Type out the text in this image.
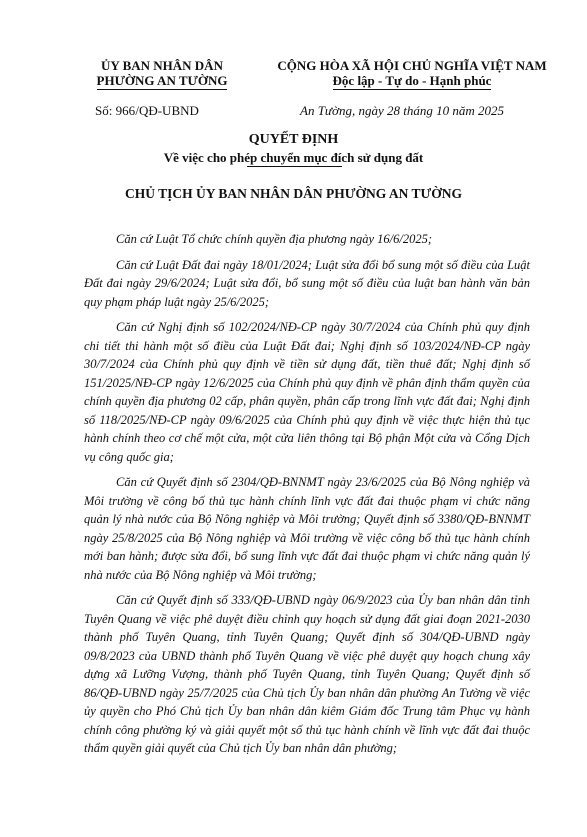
ỦY BAN NHÂN DÂN
PHƯỜNG AN TƯỜNG
CỘNG HÒA XÃ HỘI CHỦ NGHĨA VIỆT NAM
Độc lập - Tự do - Hạnh phúc
Số: 966 /QĐ-UBND	An Tường, ngày 28 tháng 10 năm 2025
QUYẾT ĐỊNH
Về việc cho phép chuyển mục đích sử dụng đất
CHỦ TỊCH ỦY BAN NHÂN DÂN PHƯỜNG AN TƯỜNG

Căn cứ Luật Tổ chức chính quyền địa phương ngày 16/6/2025;

Căn cứ Luật Đất đai ngày 18/01/2024; Luật sửa đổi bổ sung một số điều của Luật Đất đai ngày 29/6/2024; Luật sửa đổi, bổ sung một số điều của luật ban hành văn bản quy phạm pháp luật ngày 25/6/2025;

Căn cứ Nghị định số 102/2024/NĐ-CP ngày 30/7/2024 của Chính phủ quy định chi tiết thi hành một số điều của Luật Đất đai; Nghị định số 103/2024/NĐ-CP ngày 30/7/2024 của Chính phủ quy định về tiền sử dụng đất, tiền thuê đất; Nghị định số 151/2025/NĐ-CP ngày 12/6/2025 của Chính phủ quy định về phân định thẩm quyền của chính quyền địa phương 02 cấp, phân quyền, phân cấp trong lĩnh vực đất đai; Nghị định số 118/2025/NĐ-CP ngày 09/6/2025 của Chính phủ quy định về việc thực hiện thủ tục hành chính theo cơ chế một cửa, một cửa liên thông tại Bộ phận Một cửa và Cổng Dịch vụ công quốc gia;

Căn cứ Quyết định số 2304/QĐ-BNNMT ngày 23/6/2025 của Bộ Nông nghiệp và Môi trường về công bố thủ tục hành chính lĩnh vực đất đai thuộc phạm vi chức năng quản lý nhà nước của Bộ Nông nghiệp và Môi trường; Quyết định số 3380/QĐ-BNNMT ngày 25/8/2025 của Bộ Nông nghiệp và Môi trường về việc công bố thủ tục hành chính mới ban hành; được sửa đổi, bổ sung lĩnh vực đất đai thuộc phạm vi chức năng quản lý nhà nước của Bộ Nông nghiệp và Môi trường;

Căn cứ Quyết định số 333/QĐ-UBND ngày 06/9/2023 của Ủy ban nhân dân tỉnh Tuyên Quang về việc phê duyệt điều chỉnh quy hoạch sử dụng đất giai đoạn 2021-2030 thành phố Tuyên Quang, tỉnh Tuyên Quang; Quyết định số 304/QĐ-UBND ngày 09/8/2023 của UBND thành phố Tuyên Quang về việc phê duyệt quy hoạch chung xây dựng xã Lưỡng Vượng, thành phố Tuyên Quang, tỉnh Tuyên Quang; Quyết định số 86/QĐ-UBND ngày 25/7/2025 của Chủ tịch Ủy ban nhân dân phường An Tường về việc ủy quyền cho Phó Chủ tịch Ủy ban nhân dân kiêm Giám đốc Trung tâm Phục vụ hành chính công phường ký và giải quyết một số thủ tục hành chính về lĩnh vực đất đai thuộc thẩm quyền giải quyết của Chủ tịch Ủy ban nhân dân phường;
